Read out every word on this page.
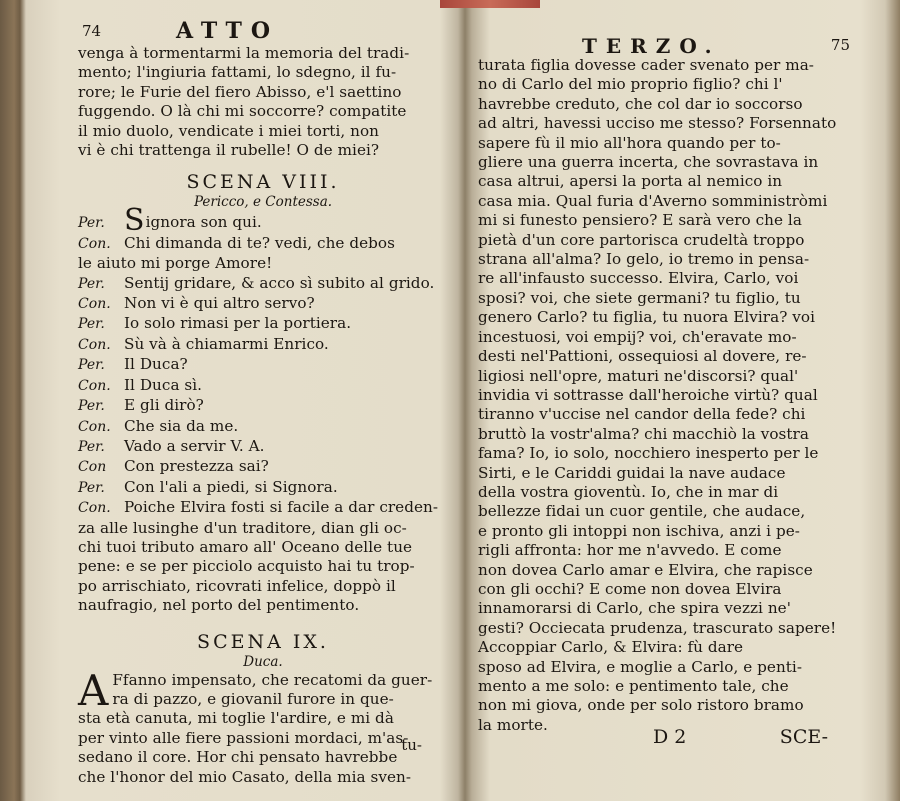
74	ATTO
venga à tormentarmi la memoria del tradi-
mento; l'ingiuria fattami, lo sdegno, il fu-
rore; le Furie del fiero Abisso, e'l saettino
fuggendo. O là chi mi soccorre? compatite
il mio duolo, vendicate i miei torti, non
vi è chi trattenga il rubelle! O de miei?
SCENA VIII.
Pericco, e Contessa.
Per. Signora son qui.
Con. Chi dimanda di te? vedi, che debos
le aiuto mi porge Amore!
Per. Sentij gridare, & acco sì subito al grido.
Con. Non vi è qui altro servo?
Per. Io solo rimasi per la portiera.
Con. Sù và à chiamarmi Enrico.
Per. Il Duca?
Con. Il Duca sì.
Per. E gli dirò?
Con. Che sia da me.
Per. Vado a servir V. A.
Con Con prestezza sai?
Per. Con l'ali a piedi, si Signora.
Con. Poiche Elvira fosti si facile a dar creden-
za alle lusinghe d'un traditore, dian gli oc-
chi tuoi tributo amaro all' Oceano delle tue
pene: e se per picciolo acquisto hai tu trop-
po arrischiato, ricovrati infelice, doppò il
naufragio, nel porto del pentimento.
SCENA IX.
Duca.
A Ffanno impensato, che recatomi da guer-
ra di pazzo, e giovanil furore in que-
sta età canuta, mi toglie l'ardire, e mi dà
per vinto alle fiere passioni mordaci, m'as-
sedano il core. Hor chi pensato havrebbe
che l'honor del mio Casato, della mia sven-
tu-
TERZO.	75
turata figlia dovesse cader svenato per ma-
no di Carlo del mio proprio figlio? chi l'
havrebbe creduto, che col dar io soccorso
ad altri, havessi ucciso me stesso? Forsennato
sapere fù il mio all'hora quando per to-
gliere una guerra incerta, che sovrastava in
casa altrui, apersi la porta al nemico in
casa mia. Qual furia d'Averno somministròmi
mi si funesto pensiero? E sarà vero che la
pietà d'un core partorisca crudeltà troppo
strana all'alma? Io gelo, io tremo in pensa-
re all'infausto successo. Elvira, Carlo, voi
sposi? voi, che siete germani? tu figlio, tu
genero Carlo? tu figlia, tu nuora Elvira? voi
incestuosi, voi empij? voi, ch'eravate mo-
desti nel'Pattioni, ossequiosi al dovere, re-
ligiosi nell'opre, maturi ne'discorsi? qual'
invidia vi sottrasse dall'heroiche virtù? qual
tiranno v'uccise nel candor della fede? chi
bruttò la vostr'alma? chi macchiò la vostra
fama? Io, io solo, nocchiero inesperto per le
Sirti, e le Cariddi guidai la nave audace
della vostra gioventù. Io, che in mar di
bellezze fidai un cuor gentile, che audace,
e pronto gli intoppi non ischiva, anzi i pe-
rigli affronta: hor me n'avvedo. E come
non dovea Carlo amar e Elvira, che rapisce
con gli occhi? E come non dovea Elvira
innamorarsi di Carlo, che spira vezzi ne'
gesti? Occiecata prudenza, trascurato sapere!
Accoppiar Carlo, & Elvira: fù dare
sposo ad Elvira, e moglie a Carlo, e penti-
mento a me solo: e pentimento tale, che
non mi giova, onde per solo ristoro bramo
la morte.
D 2	SCE-
